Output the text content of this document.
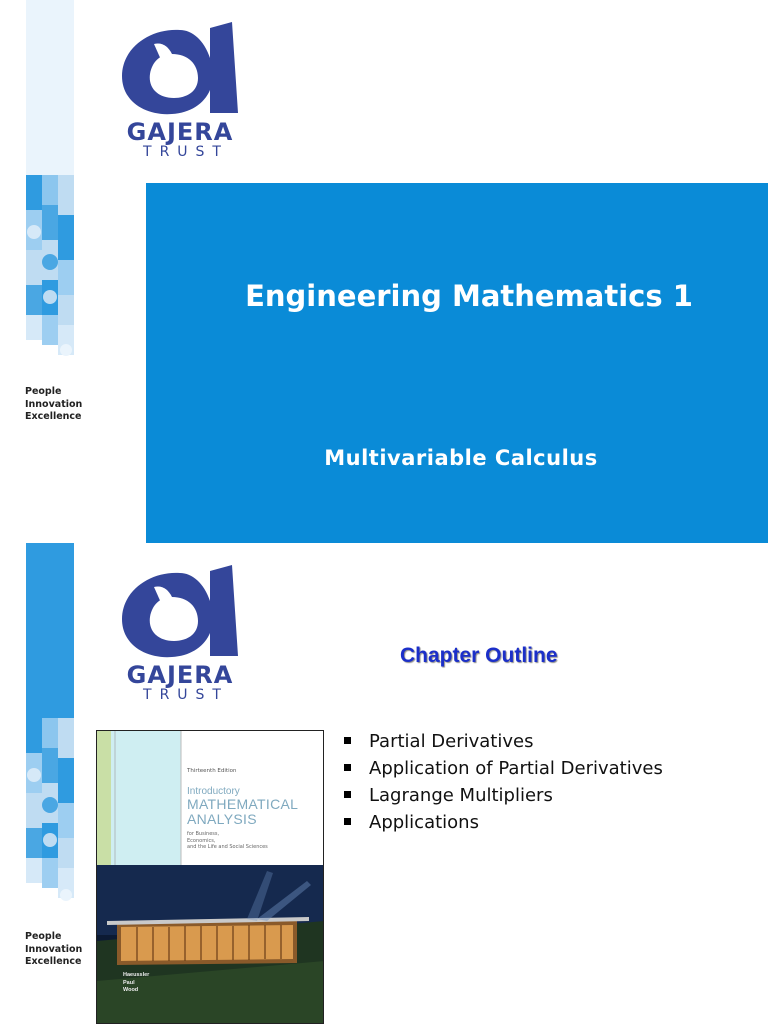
People
Innovation
Excellence
GAJERA
TRUST
Engineering Mathematics 1
Multivariable Calculus
People
Innovation
Excellence
GAJERA
TRUST
Chapter Outline
Partial Derivatives
Application of Partial Derivatives
Lagrange Multipliers
Applications
Thirteenth Edition
Introductory
MATHEMATICAL
ANALYSIS
for Business,
Economics,
and the Life and Social Sciences
Haeussler
Paul
Wood
